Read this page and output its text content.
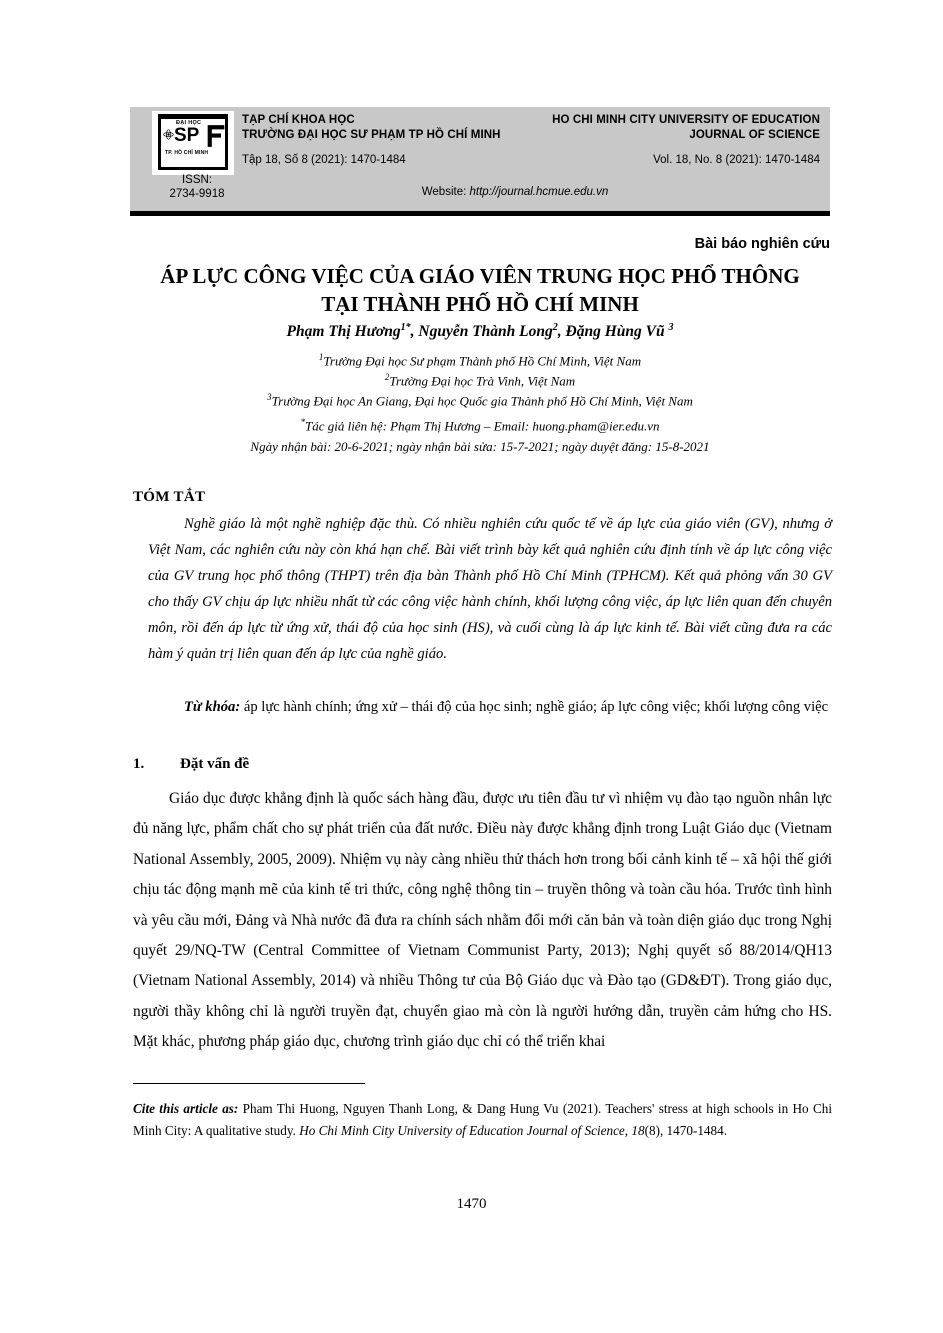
ĐẠI HỌC
SP
TP. HỒ CHÍ MINH
ISSN:
2734-9918
TẠP CHÍ KHOA HỌC
TRƯỜNG ĐẠI HỌC SƯ PHẠM TP HỒ CHÍ MINH
Tập 18, Số 8 (2021): 1470-1484
HO CHI MINH CITY UNIVERSITY OF EDUCATION
JOURNAL OF SCIENCE
Vol. 18, No. 8 (2021): 1470-1484
Website: http://journal.hcmue.edu.vn
Bài báo nghiên cứu
ÁP LỰC CÔNG VIỆC CỦA GIÁO VIÊN TRUNG HỌC PHỔ THÔNG
TẠI THÀNH PHỐ HỒ CHÍ MINH
Phạm Thị Hương$^{1*}$, Nguyễn Thành Long$^2$, Đặng Hùng Vũ $^3$
$^1$Trường Đại học Sư phạm Thành phố Hồ Chí Minh, Việt Nam
$^2$Trường Đại học Trà Vinh, Việt Nam
$^3$Trường Đại học An Giang, Đại học Quốc gia Thành phố Hồ Chí Minh, Việt Nam
*Tác giả liên hệ: Phạm Thị Hương – Email: huong.pham@ier.edu.vn
Ngày nhận bài: 20-6-2021; ngày nhận bài sửa: 15-7-2021; ngày duyệt đăng: 15-8-2021
TÓM TẮT
Nghề giáo là một nghề nghiệp đặc thù. Có nhiều nghiên cứu quốc tế về áp lực của giáo viên (GV), nhưng ở Việt Nam, các nghiên cứu này còn khá hạn chế. Bài viết trình bày kết quả nghiên cứu định tính về áp lực công việc của GV trung học phổ thông (THPT) trên địa bàn Thành phố Hồ Chí Minh (TPHCM). Kết quả phỏng vấn 30 GV cho thấy GV chịu áp lực nhiều nhất từ các công việc hành chính, khối lượng công việc, áp lực liên quan đến chuyên môn, rồi đến áp lực từ ứng xử, thái độ của học sinh (HS), và cuối cùng là áp lực kinh tế. Bài viết cũng đưa ra các hàm ý quản trị liên quan đến áp lực của nghề giáo.
Từ khóa: áp lực hành chính; ứng xử – thái độ của học sinh; nghề giáo; áp lực công việc; khối lượng công việc
1. Đặt vấn đề
Giáo dục được khẳng định là quốc sách hàng đầu, được ưu tiên đầu tư vì nhiệm vụ đào tạo nguồn nhân lực đủ năng lực, phẩm chất cho sự phát triển của đất nước. Điều này được khẳng định trong Luật Giáo dục (Vietnam National Assembly, 2005, 2009). Nhiệm vụ này càng nhiều thử thách hơn trong bối cảnh kinh tế – xã hội thế giới chịu tác động mạnh mẽ của kinh tế tri thức, công nghệ thông tin – truyền thông và toàn cầu hóa. Trước tình hình và yêu cầu mới, Đảng và Nhà nước đã đưa ra chính sách nhằm đổi mới căn bản và toàn diện giáo dục trong Nghị quyết 29/NQ-TW (Central Committee of Vietnam Communist Party, 2013); Nghị quyết số 88/2014/QH13 (Vietnam National Assembly, 2014) và nhiều Thông tư của Bộ Giáo dục và Đào tạo (GD&ĐT). Trong giáo dục, người thầy không chỉ là người truyền đạt, chuyển giao mà còn là người hướng dẫn, truyền cảm hứng cho HS. Mặt khác, phương pháp giáo dục, chương trình giáo dục chỉ có thể triển khai
Cite this article as: Pham Thi Huong, Nguyen Thanh Long, & Dang Hung Vu (2021). Teachers' stress at high schools in Ho Chi Minh City: A qualitative study. Ho Chi Minh City University of Education Journal of Science, 18(8), 1470-1484.
1470
